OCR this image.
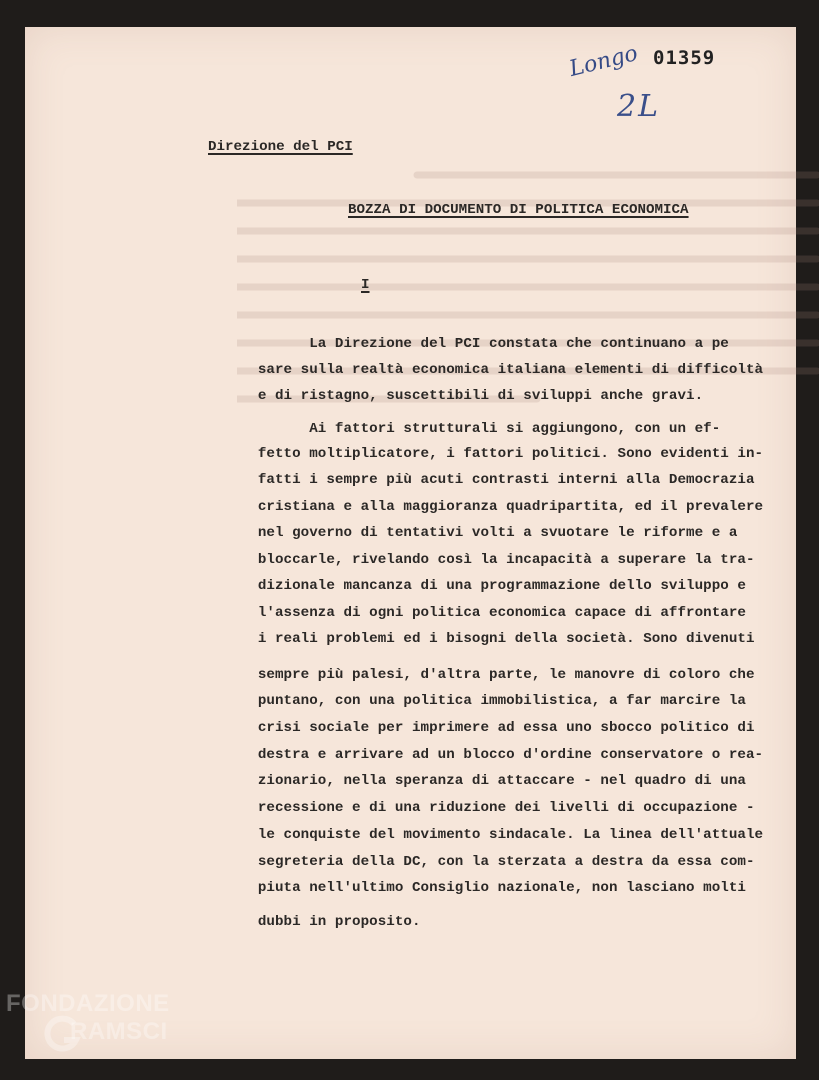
01359
Longo
2L
Direzione del PCI
BOZZA DI DOCUMENTO DI POLITICA ECONOMICA
I
La Direzione del PCI constata che continuano a pe
sare sulla realtà economica italiana elementi di difficoltà
e di ristagno, suscettibili di sviluppi anche gravi.
Ai fattori strutturali si aggiungono, con un ef-
fetto moltiplicatore, i fattori politici. Sono evidenti in-
fatti i sempre più acuti contrasti interni alla Democrazia
cristiana e alla maggioranza quadripartita, ed il prevalere
nel governo di tentativi volti a svuotare le riforme e a
bloccarle, rivelando così la incapacità a superare la tra-
dizionale mancanza di una programmazione dello sviluppo e
l'assenza di ogni politica economica capace di affrontare
i reali problemi ed i bisogni della società. Sono divenuti
sempre più palesi, d'altra parte, le manovre di coloro che
puntano, con una politica immobilistica, a far marcire la
crisi sociale per imprimere ad essa uno sbocco politico di
destra e arrivare ad un blocco d'ordine conservatore o rea-
zionario, nella speranza di attaccare - nel quadro di una
recessione e di una riduzione dei livelli di occupazione -
le conquiste del movimento sindacale. La linea dell'attuale
segreteria della DC, con la sterzata a destra da essa com-
piuta nell'ultimo Consiglio nazionale, non lasciano molti
dubbi in proposito.
FONDAZIONE
RAMSCI
